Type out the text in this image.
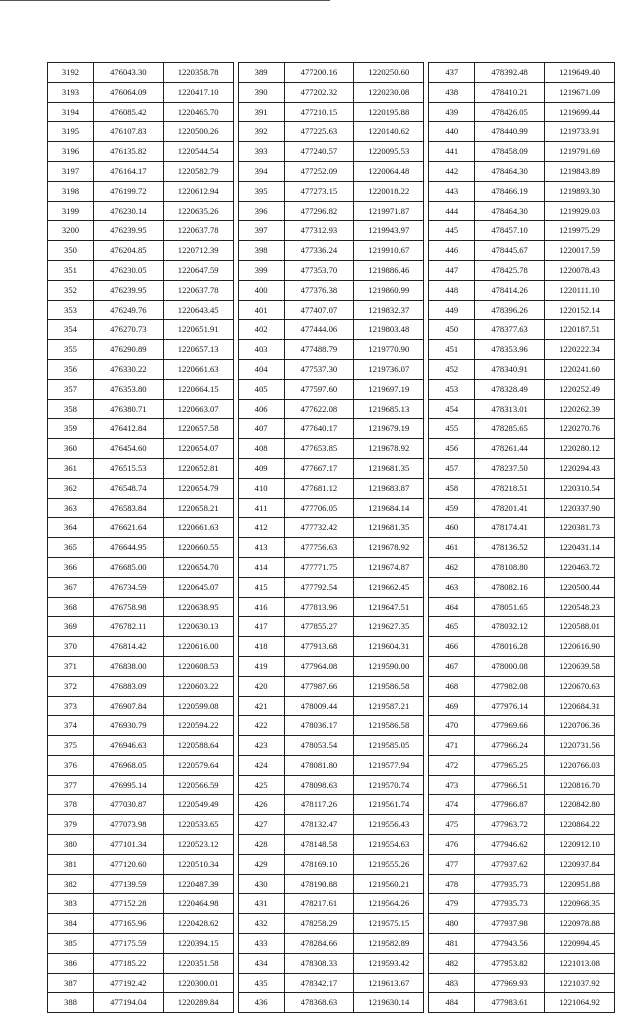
3192	476043.30	1220358.78
3193	476064.09	1220417.10
3194	476085.42	1220465.70
3195	476107.83	1220500.26
3196	476135.82	1220544.54
3197	476164.17	1220582.79
3198	476199.72	1220612.94
3199	476230.14	1220635.26
3200	476239.95	1220637.78
350	476204.85	1220712.39
351	476230.05	1220647.59
352	476239.95	1220637.78
353	476249.76	1220643.45
354	476270.73	1220651.91
355	476290.89	1220657.13
356	476330.22	1220661.63
357	476353.80	1220664.15
358	476380.71	1220663.07
359	476412.84	1220657.58
360	476454.60	1220654.07
361	476515.53	1220652.81
362	476548.74	1220654.79
363	476583.84	1220658.21
364	476621.64	1220661.63
365	476644.95	1220660.55
366	476685.00	1220654.70
367	476734.59	1220645.07
368	476758.98	1220638.95
369	476782.11	1220630.13
370	476814.42	1220616.00
371	476838.00	1220608.53
372	476883.09	1220603.22
373	476907.84	1220599.08
374	476930.79	1220594.22
375	476946.63	1220588.64
376	476968.05	1220579.64
377	476995.14	1220566.59
378	477030.87	1220549.49
379	477073.98	1220533.65
380	477101.34	1220523.12
381	477120.60	1220510.34
382	477139.59	1220487.39
383	477152.28	1220464.98
384	477165.96	1220428.62
385	477175.59	1220394.15
386	477185.22	1220351.58
387	477192.42	1220300.01
388	477194.04	1220289.84
389	477200.16	1220250.60
390	477202.32	1220230.08
391	477210.15	1220195.88
392	477225.63	1220140.62
393	477240.57	1220095.53
394	477252.09	1220064.48
395	477273.15	1220018.22
396	477296.82	1219971.87
397	477312.93	1219943.97
398	477336.24	1219910.67
399	477353.70	1219886.46
400	477376.38	1219860.99
401	477407.07	1219832.37
402	477444.06	1219803.48
403	477488.79	1219770.90
404	477537.30	1219736.07
405	477597.60	1219697.19
406	477622.08	1219685.13
407	477640.17	1219679.19
408	477653.85	1219678.92
409	477667.17	1219681.35
410	477681.12	1219683.87
411	477706.05	1219684.14
412	477732.42	1219681.35
413	477756.63	1219678.92
414	477771.75	1219674.87
415	477792.54	1219662.45
416	477813.96	1219647.51
417	477855.27	1219627.35
418	477913.68	1219604.31
419	477964.08	1219590.00
420	477987.66	1219586.58
421	478009.44	1219587.21
422	478036.17	1219586.58
423	478053.54	1219585.05
424	478081.80	1219577.94
425	478098.63	1219570.74
426	478117.26	1219561.74
427	478132.47	1219556.43
428	478148.58	1219554.63
429	478169.10	1219555.26
430	478190.88	1219560.21
431	478217.61	1219564.26
432	478258.29	1219575.15
433	478284.66	1219582.89
434	478308.33	1219593.42
435	478342.17	1219613.67
436	478368.63	1219630.14
437	478392.48	1219649.40
438	478410.21	1219671.09
439	478426.05	1219699.44
440	478440.99	1219733.91
441	478458.09	1219791.69
442	478464.30	1219843.89
443	478466.19	1219893.30
444	478464.30	1219929.03
445	478457.10	1219975.29
446	478445.67	1220017.59
447	478425.78	1220078.43
448	478414.26	1220111.10
449	478396.26	1220152.14
450	478377.63	1220187.51
451	478353.96	1220222.34
452	478340.91	1220241.60
453	478328.49	1220252.49
454	478313.01	1220262.39
455	478285.65	1220270.76
456	478261.44	1220280.12
457	478237.50	1220294.43
458	478218.51	1220310.54
459	478201.41	1220337.90
460	478174.41	1220381.73
461	478136.52	1220431.14
462	478108.80	1220463.72
463	478082.16	1220500.44
464	478051.65	1220548.23
465	478032.12	1220588.01
466	478016.28	1220616.90
467	478000.08	1220639.58
468	477982.08	1220670.63
469	477976.14	1220684.31
470	477969.66	1220706.36
471	477966.24	1220731.56
472	477965.25	1220766.03
473	477966.51	1220816.70
474	477966.87	1220842.80
475	477963.72	1220864.22
476	477946.62	1220912.10
477	477937.62	1220937.84
478	477935.73	1220951.88
479	477935.73	1220968.35
480	477937.98	1220978.88
481	477943.56	1220994.45
482	477953.82	1221013.08
483	477969.93	1221037.92
484	477983.61	1221064.92
